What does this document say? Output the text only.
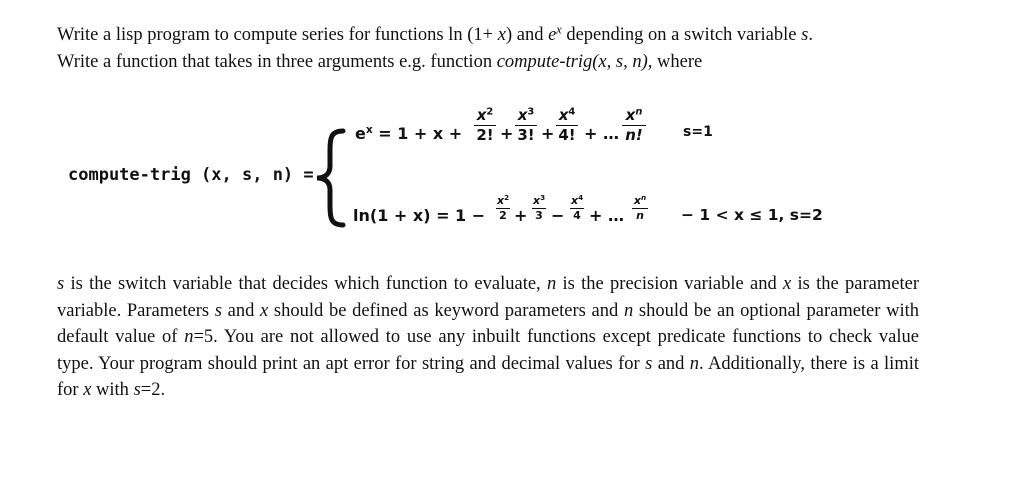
Write a lisp program to compute series for functions ln (1+ x) and $e^x$ depending on a switch variable s.
Write a function that takes in three arguments e.g. function compute-trig(x, s, n), where
compute-trig (x, s, n) =
$e^x = 1 + x + \frac{x^2}{2!} + \frac{x^3}{3!} + \frac{x^4}{4!}$ + … $\frac{x^n}{n!}$	s=1
$\ln(1 + x) = 1 - \frac{x^2}{2} + \frac{x^3}{3} - \frac{x^4}{4}$ + … $\frac{x^n}{n} - 1 < x \le 1$, s=2
s is the switch variable that decides which function to evaluate, n is the precision variable and x is the parameter variable. Parameters s and x should be defined as keyword parameters and n should be an optional parameter with default value of n=5. You are not allowed to use any inbuilt functions except predicate functions to check value type. Your program should print an apt error for string and decimal values for s and n. Additionally, there is a limit for x with s=2.
